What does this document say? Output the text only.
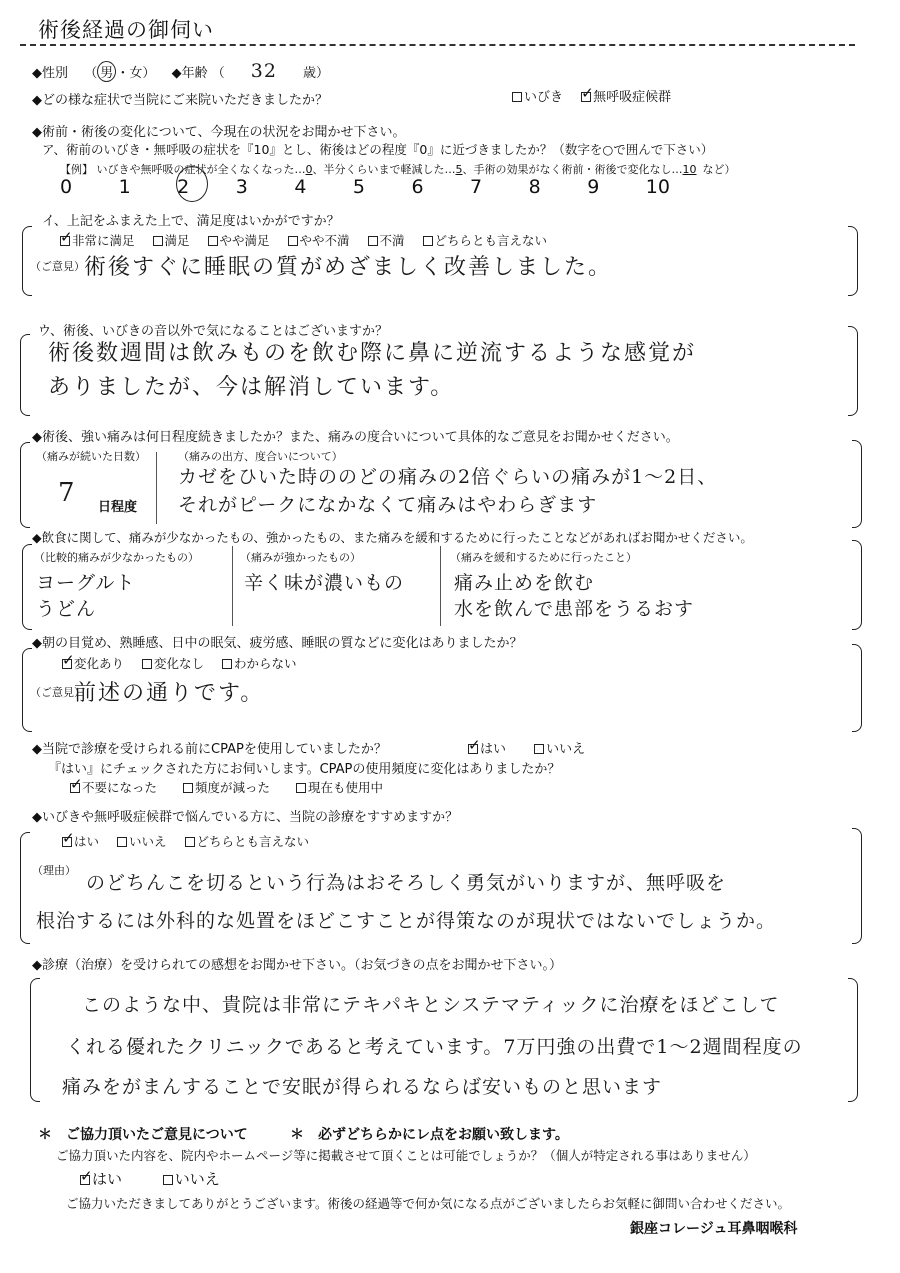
術後経過の御伺い
◆性別 （ 男 ・女） ◆年齢 （ 32 歳）
◆どの様な症状で当院にご来院いただきましたか？	いびき ✓ 無呼吸症候群
◆術前・術後の変化について、今現在の状況をお聞かせ下さい。
ア、術前のいびき・無呼吸の症状を『10』とし、術後はどの程度『0』に近づきましたか？（数字を○で囲んで下さい）
【例】 いびきや無呼吸の症状が全くなくなった…0、半分くらいまで軽減した…5、手術の効果がなく術前・術後で変化なし…10 など）
0 1 2 3 4 5 6 7 8 9 10
イ、上記をふまえた上で、満足度はいかがですか？
✓非常に満足 満足 やや満足 やや不満 不満 どちらとも言えない
（ご意見） 術後すぐに睡眠の質がめざましく改善しました。
ウ、術後、いびきの音以外で気になることはございますか？
術後数週間は飲みものを飲む際に鼻に逆流するような感覚が
ありましたが、今は解消しています。
◆術後、強い痛みは何日程度続きましたか？また、痛みの度合いについて具体的なご意見をお聞かせください。
（痛みが続いた日数）
7 日程度
（痛みの出方、度合いについて）
カゼをひいた時ののどの痛みの2倍ぐらいの痛みが1〜2日、
それがピークになかなくて痛みはやわらぎます
◆飲食に関して、痛みが少なかったもの、強かったもの、また痛みを緩和するために行ったことなどがあればお聞かせください。
（比較的痛みが少なかったもの）
ヨーグルト
うどん
（痛みが強かったもの）
辛く味が濃いもの
（痛みを緩和するために行ったこと）
痛み止めを飲む
水を飲んで患部をうるおす
◆朝の目覚め、熟睡感、日中の眠気、疲労感、睡眠の質などに変化はありましたか？
✓変化あり 変化なし わからない
（ご意見）
前述の通りです。
◆当院で診療を受けられる前にCPAPを使用していましたか？ ✓	はい	いいえ
『はい』にチェックされた方にお伺いします。CPAPの使用頻度に変化はありましたか？
✓不要になった	頻度が減った	現在も使用中
◆いびきや無呼吸症候群で悩んでいる方に、当院の診療をすすめますか？
✓はい いいえ どちらとも言えない
（理由）
のどちんこを切るという行為はおそろしく勇気がいりますが、無呼吸を
根治するには外科的な処置をほどこすことが得策なのが現状ではないでしょうか。
◆診療（治療）を受けられての感想をお聞かせ下さい。（お気づきの点をお聞かせ下さい。）
このような中、貴院は非常にテキパキとシステマティックに治療をほどこして
くれる優れたクリニックであると考えています。7万円強の出費で1〜2週間程度の
痛みをがまんすることで安眠が得られるならば安いものと思います
＊　ご協力頂いたご意見について	＊　必ずどちらかにレ点をお願い致します。
ご協力頂いた内容を、院内やホームページ等に掲載させて頂くことは可能でしょうか？（個人が特定される事はありません）
✓はい	いいえ
ご協力いただきましてありがとうございます。術後の経過等で何か気になる点がございましたらお気軽に御問い合わせください。
銀座コレージュ耳鼻咽喉科
